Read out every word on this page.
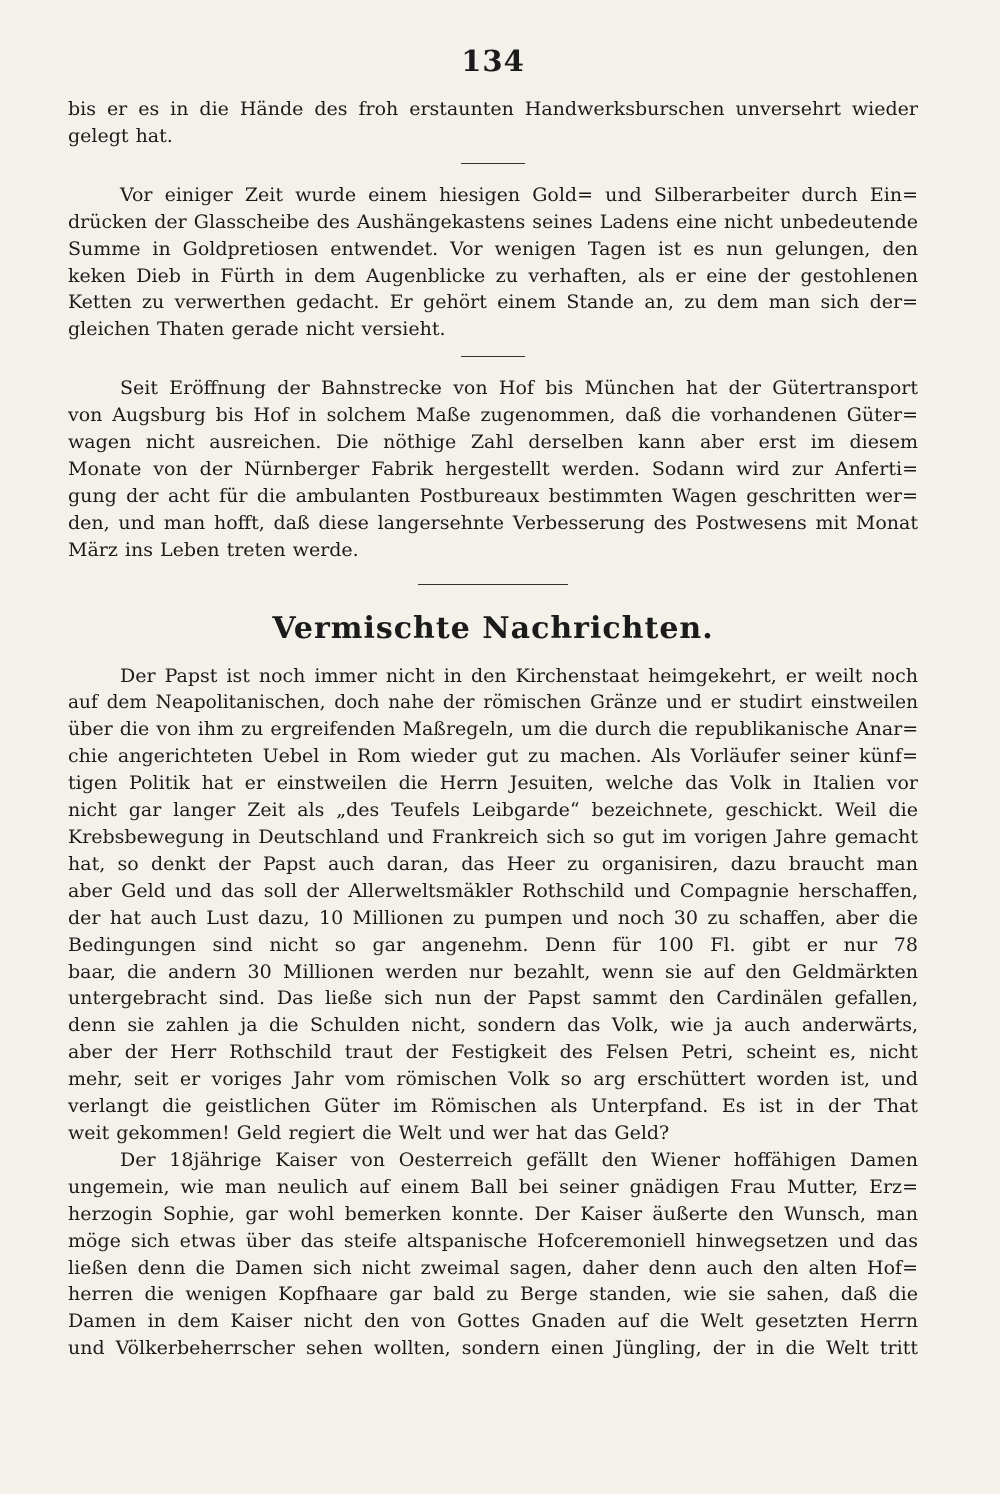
134

bis er es in die Hände des froh erstaunten Handwerksburschen unversehrt wieder

gelegt hat.

Vor einiger Zeit wurde einem hiesigen Gold= und Silberarbeiter durch Ein=

drücken der Glasscheibe des Aushängekastens seines Ladens eine nicht unbedeutende

Summe in Goldpretiosen entwendet. Vor wenigen Tagen ist es nun gelungen, den

keken Dieb in Fürth in dem Augenblicke zu verhaften, als er eine der gestohlenen

Ketten zu verwerthen gedacht. Er gehört einem Stande an, zu dem man sich der=

gleichen Thaten gerade nicht versieht.

Seit Eröffnung der Bahnstrecke von Hof bis München hat der Gütertransport

von Augsburg bis Hof in solchem Maße zugenommen, daß die vorhandenen Güter=

wagen nicht ausreichen. Die nöthige Zahl derselben kann aber erst im diesem

Monate von der Nürnberger Fabrik hergestellt werden. Sodann wird zur Anferti=

gung der acht für die ambulanten Postbureaux bestimmten Wagen geschritten wer=

den, und man hofft, daß diese langersehnte Verbesserung des Postwesens mit Monat

März ins Leben treten werde.

Vermischte Nachrichten.

Der Papst ist noch immer nicht in den Kirchenstaat heimgekehrt, er weilt noch

auf dem Neapolitanischen, doch nahe der römischen Gränze und er studirt einstweilen

über die von ihm zu ergreifenden Maßregeln, um die durch die republikanische Anar=

chie angerichteten Uebel in Rom wieder gut zu machen. Als Vorläufer seiner künf=

tigen Politik hat er einstweilen die Herrn Jesuiten, welche das Volk in Italien vor

nicht gar langer Zeit als „des Teufels Leibgarde“ bezeichnete, geschickt. Weil die

Krebsbewegung in Deutschland und Frankreich sich so gut im vorigen Jahre gemacht

hat, so denkt der Papst auch daran, das Heer zu organisiren, dazu braucht man

aber Geld und das soll der Allerweltsmäkler Rothschild und Compagnie herschaffen,

der hat auch Lust dazu, 10 Millionen zu pumpen und noch 30 zu schaffen, aber die

Bedingungen sind nicht so gar angenehm. Denn für 100 Fl. gibt er nur 78

baar, die andern 30 Millionen werden nur bezahlt, wenn sie auf den Geldmärkten

untergebracht sind. Das ließe sich nun der Papst sammt den Cardinälen gefallen,

denn sie zahlen ja die Schulden nicht, sondern das Volk, wie ja auch anderwärts,

aber der Herr Rothschild traut der Festigkeit des Felsen Petri, scheint es, nicht

mehr, seit er voriges Jahr vom römischen Volk so arg erschüttert worden ist, und

verlangt die geistlichen Güter im Römischen als Unterpfand. Es ist in der That

weit gekommen! Geld regiert die Welt und wer hat das Geld?

Der 18jährige Kaiser von Oesterreich gefällt den Wiener hoffähigen Damen

ungemein, wie man neulich auf einem Ball bei seiner gnädigen Frau Mutter, Erz=

herzogin Sophie, gar wohl bemerken konnte. Der Kaiser äußerte den Wunsch, man

möge sich etwas über das steife altspanische Hofceremoniell hinwegsetzen und das

ließen denn die Damen sich nicht zweimal sagen, daher denn auch den alten Hof=

herren die wenigen Kopfhaare gar bald zu Berge standen, wie sie sahen, daß die

Damen in dem Kaiser nicht den von Gottes Gnaden auf die Welt gesetzten Herrn

und Völkerbeherrscher sehen wollten, sondern einen Jüngling, der in die Welt tritt
